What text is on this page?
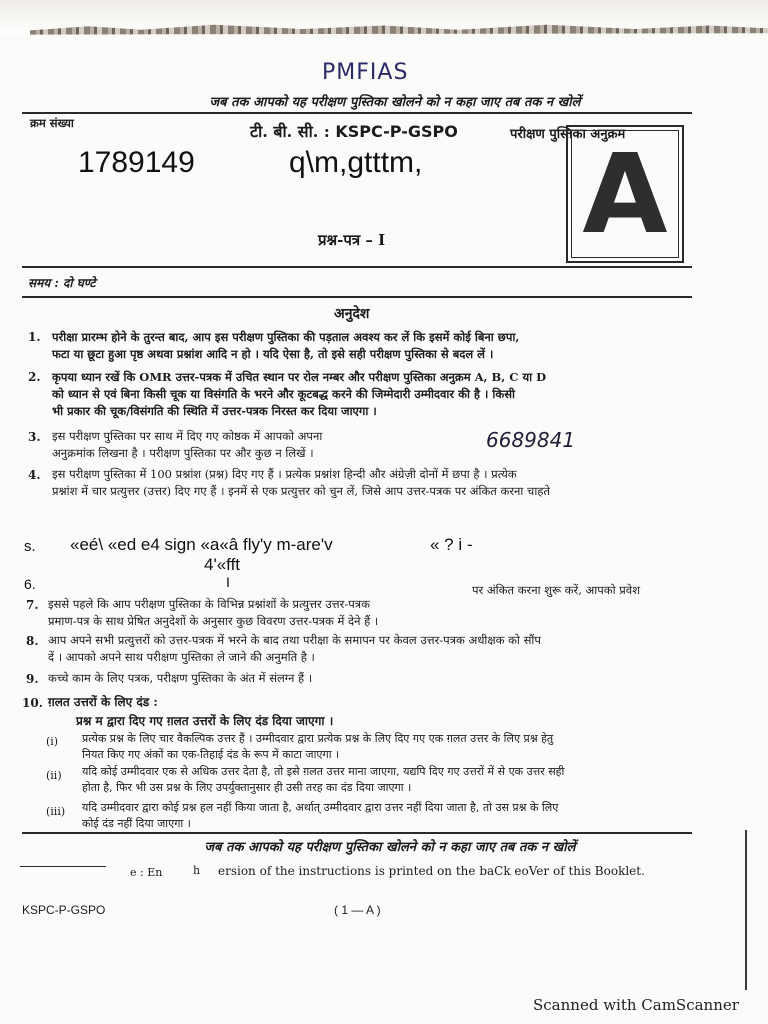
PMFIAS
जब तक आपको यह परीक्षण पुस्तिका खोलने को न कहा जाए तब तक न खोलें
क्रम संख्या	टी. बी. सी. : KSPC-P-GSPO	परीक्षण पुस्तिका अनुक्रम
1789149	q\m,gtttm, A
प्रश्न-पत्र – I
समय : दो घण्टे
अनुदेश
1. परीक्षा प्रारम्भ होने के तुरन्त बाद, आप इस परीक्षण पुस्तिका की पड़ताल अवश्य कर लें कि इसमें कोई बिना छपा,
फटा या छूटा हुआ पृष्ठ अथवा प्रश्नांश आदि न हो । यदि ऐसा है, तो इसे सही परीक्षण पुस्तिका से बदल लें ।
2. कृपया ध्यान रखें कि OMR उत्तर-पत्रक में उचित स्थान पर रोल नम्बर और परीक्षण पुस्तिका अनुक्रम A, B, C या D
को ध्यान से एवं बिना किसी चूक या विसंगति के भरने और कूटबद्ध करने की जिम्मेदारी उम्मीदवार की है । किसी
भी प्रकार की चूक/विसंगति की स्थिति में उत्तर-पत्रक निरस्त कर दिया जाएगा ।
3. इस परीक्षण पुस्तिका पर साथ में दिए गए कोष्ठक में आपको अपना
अनुक्रमांक लिखना है । परीक्षण पुस्तिका पर और कुछ न लिखें ।
6689841
4. इस परीक्षण पुस्तिका में 100 प्रश्नांश (प्रश्न) दिए गए हैं । प्रत्येक प्रश्नांश हिन्दी और अंग्रेज़ी दोनों में छपा है । प्रत्येक
प्रश्नांश में चार प्रत्युत्तर (उत्तर) दिए गए हैं । इनमें से एक प्रत्युत्तर को चुन लें, जिसे आप उत्तर-पत्रक पर अंकित करना चाहते
s. «eé\ «ed e4 sign «a«â fly'y m-are'v	« ? i -
4'«fft
6.	I	पर अंकित करना शुरू करें, आपको प्रवेश
7. इससे पहले कि आप परीक्षण पुस्तिका के विभिन्न प्रश्नांशों के प्रत्युत्तर उत्तर-पत्रक
प्रमाण-पत्र के साथ प्रेषित अनुदेशों के अनुसार कुछ विवरण उत्तर-पत्रक में देने हैं ।
8. आप अपने सभी प्रत्युत्तरों को उत्तर-पत्रक में भरने के बाद तथा परीक्षा के समापन पर केवल उत्तर-पत्रक अधीक्षक को सौंप
दें । आपको अपने साथ परीक्षण पुस्तिका ले जाने की अनुमति है ।
9. कच्चे काम के लिए पत्रक, परीक्षण पुस्तिका के अंत में संलग्न हैं ।
10. ग़लत उत्तरों के लिए दंड :
प्रश्न म द्वारा दिए गए ग़लत उत्तरों के लिए दंड दिया जाएगा ।
(i) प्रत्येक प्रश्न के लिए चार वैकल्पिक उत्तर हैं । उम्मीदवार द्वारा प्रत्येक प्रश्न के लिए दिए गए एक ग़लत उत्तर के लिए प्रश्न हेतु
नियत किए गए अंकों का एक-तिहाई दंड के रूप में काटा जाएगा ।
(ii) यदि कोई उम्मीदवार एक से अधिक उत्तर देता है, तो इसे ग़लत उत्तर माना जाएगा, यद्यपि दिए गए उत्तरों में से एक उत्तर सही
होता है, फिर भी उस प्रश्न के लिए उपर्युक्तानुसार ही उसी तरह का दंड दिया जाएगा ।
(iii) यदि उम्मीदवार द्वारा कोई प्रश्न हल नहीं किया जाता है, अर्थात् उम्मीदवार द्वारा उत्तर नहीं दिया जाता है, तो उस प्रश्न के लिए
कोई दंड नहीं दिया जाएगा ।
जब तक आपको यह परीक्षण पुस्तिका खोलने को न कहा जाए तब तक न खोलें
e : En	h ersion of the instructions is printed on the baCk eoVer of this Booklet.
KSPC-P-GSPO	( 1 — A )
Scanned with CamScanner
